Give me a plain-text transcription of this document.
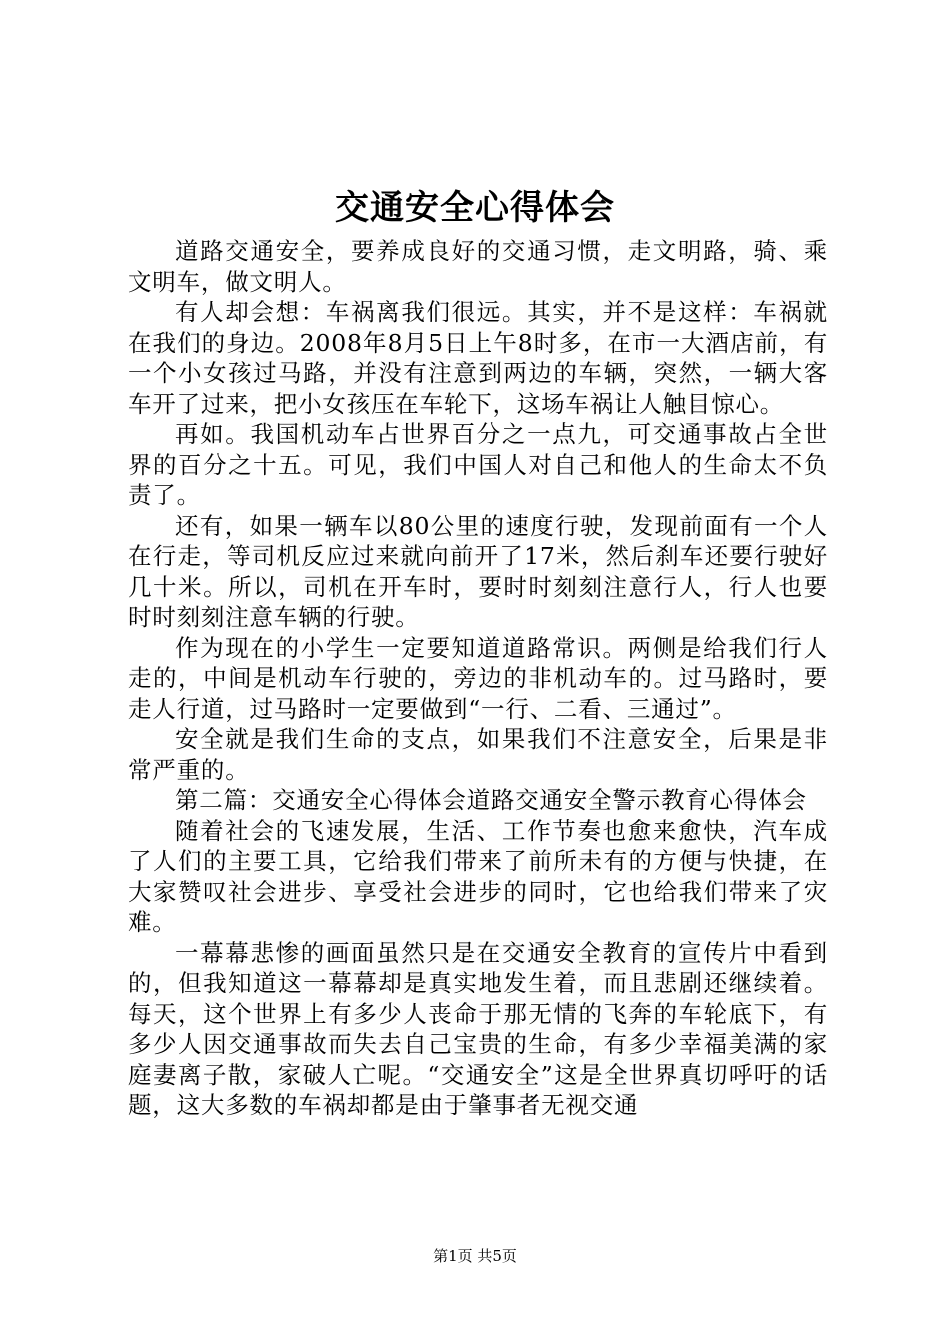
交通安全心得体会

道路交通安全，要养成良好的交通习惯，走文明路，骑、乘文明车，做文明人。

有人却会想：车祸离我们很远。其实，并不是这样：车祸就在我们的身边。2008年8月5日上午8时多，在市一大酒店前，有一个小女孩过马路，并没有注意到两边的车辆，突然，一辆大客车开了过来，把小女孩压在车轮下，这场车祸让人触目惊心。

再如。我国机动车占世界百分之一点九，可交通事故占全世界的百分之十五。可见，我们中国人对自己和他人的生命太不负责了。

还有，如果一辆车以80公里的速度行驶，发现前面有一个人在行走，等司机反应过来就向前开了17米，然后刹车还要行驶好几十米。所以，司机在开车时，要时时刻刻注意行人，行人也要时时刻刻注意车辆的行驶。

作为现在的小学生一定要知道道路常识。两侧是给我们行人走的，中间是机动车行驶的，旁边的非机动车的。过马路时，要走人行道，过马路时一定要做到“一行、二看、三通过”。

安全就是我们生命的支点，如果我们不注意安全，后果是非常严重的。

第二篇：交通安全心得体会道路交通安全警示教育心得体会

随着社会的飞速发展，生活、工作节奏也愈来愈快，汽车成了人们的主要工具，它给我们带来了前所未有的方便与快捷，在大家赞叹社会进步、享受社会进步的同时，它也给我们带来了灾难。

一幕幕悲惨的画面虽然只是在交通安全教育的宣传片中看到的，但我知道这一幕幕却是真实地发生着，而且悲剧还继续着。每天，这个世界上有多少人丧命于那无情的飞奔的车轮底下，有多少人因交通事故而失去自己宝贵的生命，有多少幸福美满的家庭妻离子散，家破人亡呢。“交通安全”这是全世界真切呼吁的话题，这大多数的车祸却都是由于肇事者无视交通

第1页 共5页
